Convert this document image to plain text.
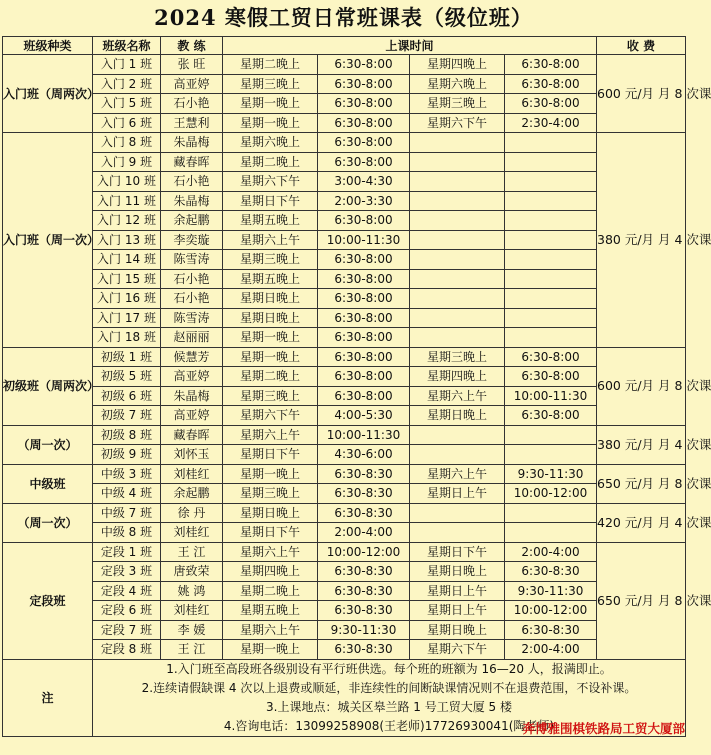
2024 寒假工贸日常班课表（级位班）
班级种类	班级名称	教 练	上课时间				收 费
入门班（周两次）	入门 1 班	张 旺	星期二晚上	6:30-8:00	星期四晚上	6:30-8:00	600 元/月 月 8 次课
	入门 2 班	高亚婷	星期三晚上	6:30-8:00	星期六晚上	6:30-8:00	
	入门 5 班	石小艳	星期一晚上	6:30-8:00	星期三晚上	6:30-8:00	
	入门 6 班	王慧利	星期一晚上	6:30-8:00	星期六下午	2:30-4:00	
入门班（周一次）	入门 8 班	朱晶梅	星期六晚上	6:30-8:00			380 元/月 月 4 次课
	入门 9 班	藏春晖	星期二晚上	6:30-8:00			
	入门 10 班	石小艳	星期六下午	3:00-4:30			
	入门 11 班	朱晶梅	星期日下午	2:00-3:30			
	入门 12 班	余起鹏	星期五晚上	6:30-8:00			
	入门 13 班	李奕璇	星期六上午	10:00-11:30			
	入门 14 班	陈雪涛	星期三晚上	6:30-8:00			
	入门 15 班	石小艳	星期五晚上	6:30-8:00			
	入门 16 班	石小艳	星期日晚上	6:30-8:00			
	入门 17 班	陈雪涛	星期日晚上	6:30-8:00			
	入门 18 班	赵丽丽	星期一晚上	6:30-8:00			
初级班（周两次）	初级 1 班	候慧芳	星期一晚上	6:30-8:00	星期三晚上	6:30-8:00	600 元/月 月 8 次课
	初级 5 班	高亚婷	星期二晚上	6:30-8:00	星期四晚上	6:30-8:00	
	初级 6 班	朱晶梅	星期三晚上	6:30-8:00	星期六上午	10:00-11:30	
	初级 7 班	高亚婷	星期六下午	4:00-5:30	星期日晚上	6:30-8:00	
（周一次）	初级 8 班	藏春晖	星期六上午	10:00-11:30			380 元/月 月 4 次课
	初级 9 班	刘怀玉	星期日下午	4:30-6:00			
中级班	中级 3 班	刘桂红	星期一晚上	6:30-8:30	星期六上午	9:30-11:30	650 元/月 月 8 次课
	中级 4 班	余起鹏	星期三晚上	6:30-8:30	星期日上午	10:00-12:00	
（周一次）	中级 7 班	徐 丹	星期日晚上	6:30-8:30			420 元/月 月 4 次课
	中级 8 班	刘桂红	星期日下午	2:00-4:00			
定段班	定段 1 班	王 江	星期六上午	10:00-12:00	星期日下午	2:00-4:00	650 元/月 月 8 次课
	定段 3 班	唐致荣	星期四晚上	6:30-8:30	星期日晚上	6:30-8:30	
	定段 4 班	姚 鸿	星期二晚上	6:30-8:30	星期日上午	9:30-11:30	
	定段 6 班	刘桂红	星期五晚上	6:30-8:30	星期日上午	10:00-12:00	
	定段 7 班	李 媛	星期六上午	9:30-11:30	星期日晚上	6:30-8:30	
	定段 8 班	王 江	星期一晚上	6:30-8:30	星期六下午	2:00-4:00	
注	1.入门班至高段班各级别设有平行班供选。每个班的班额为 16—20 人，报满即止。
2.连续请假缺课 4 次以上退费或顺延，非连续性的间断缺课情况则不在退费范围，不设补课。
3.上课地点：城关区皋兰路 1 号工贸大厦 5 楼
4.咨询电话：13099258908(王老师)17726930041(陶老师)
奔博雅围棋铁路局工贸大厦部						
